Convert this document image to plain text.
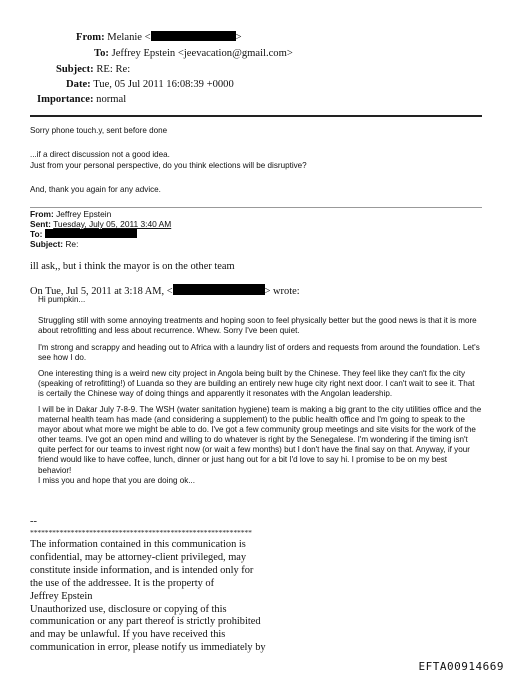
From: Melanie <	>
To: Jeffrey Epstein <jeevacation@gmail.com>
Subject: RE: Re:
Date: Tue, 05 Jul 2011 16:08:39 +0000
Importance: normal
Sorry phone touch.y, sent before done
...if a direct discussion not a good idea.
Just from your personal perspective, do you think elections will be disruptive?
And, thank you again for any advice.
From: Jeffrey Epstein
Sent: Tuesday, July 05, 2011 3:40 AM
To:
Subject: Re:
ill ask,, but i think the mayor is on the other team
On Tue, Jul 5, 2011 at 3:18 AM, <	> wrote:
Hi pumpkin...
Struggling still with some annoying treatments and hoping soon to feel physically better but the good news is that it is more
about retrofitting and less about recurrence. Whew. Sorry I've been quiet.
I'm strong and scrappy and heading out to Africa with a laundry list of orders and requests from around the foundation. Let's
see how I do.
One interesting thing is a weird new city project in Angola being built by the Chinese. They feel like they can't fix the city
(speaking of retrofitting!) of Luanda so they are building an entirely new huge city right next door. I can't wait to see it. That
is certaily the Chinese way of doing things and apparently it resonates with the Angolan leadership.
I will be in Dakar July 7-8-9. The WSH (water sanitation hygiene) team is making a big grant to the city utilities office and the
maternal health team has made (and considering a supplement) to the public health office and I'm going to speak to the
mayor about what more we might be able to do. I've got a few community group meetings and site visits for the work of the
other teams. I've got an open mind and willing to do whatever is right by the Senegalese. I'm wondering if the timing isn't
quite perfect for our teams to invest right now (or wait a few months) but I don't have the final say on that. Anyway, if your
friend would like to have coffee, lunch, dinner or just hang out for a bit I'd love to say hi. I promise to be on my best
behavior!
I miss you and hope that you are doing ok...
--
************************************************************
The information contained in this communication is
confidential, may be attorney-client privileged, may
constitute inside information, and is intended only for
the use of the addressee. It is the property of
Jeffrey Epstein
Unauthorized use, disclosure or copying of this
communication or any part thereof is strictly prohibited
and may be unlawful. If you have received this
communication in error, please notify us immediately by
EFTA00914669
